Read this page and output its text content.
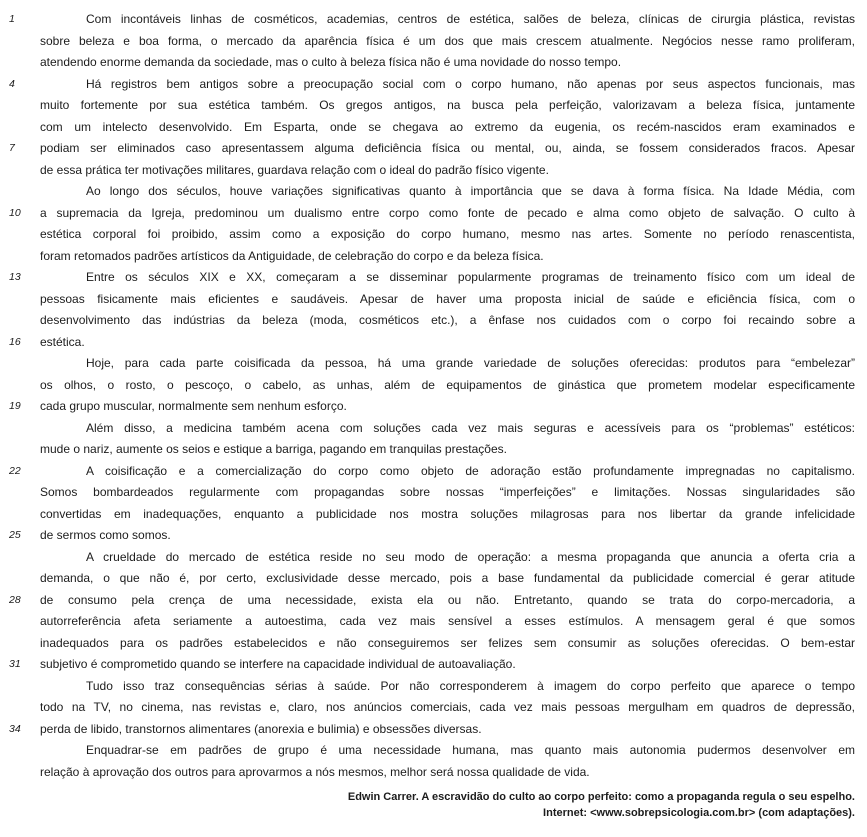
1	Com incontáveis linhas de cosméticos, academias, centros de estética, salões de beleza, clínicas de cirurgia plástica, revistas
sobre beleza e boa forma, o mercado da aparência física é um dos que mais crescem atualmente. Negócios nesse ramo proliferam,
atendendo enorme demanda da sociedade, mas o culto à beleza física não é uma novidade do nosso tempo.
4	Há registros bem antigos sobre a preocupação social com o corpo humano, não apenas por seus aspectos funcionais, mas
muito fortemente por sua estética também. Os gregos antigos, na busca pela perfeição, valorizavam a beleza física, juntamente
com um intelecto desenvolvido. Em Esparta, onde se chegava ao extremo da eugenia, os recém-nascidos eram examinados e
7	podiam ser eliminados caso apresentassem alguma deficiência física ou mental, ou, ainda, se fossem considerados fracos. Apesar
de essa prática ter motivações militares, guardava relação com o ideal do padrão físico vigente.
Ao longo dos séculos, houve variações significativas quanto à importância que se dava à forma física. Na Idade Média, com
10	a supremacia da Igreja, predominou um dualismo entre corpo como fonte de pecado e alma como objeto de salvação. O culto à
estética corporal foi proibido, assim como a exposição do corpo humano, mesmo nas artes. Somente no período renascentista,
foram retomados padrões artísticos da Antiguidade, de celebração do corpo e da beleza física.
13	Entre os séculos XIX e XX, começaram a se disseminar popularmente programas de treinamento físico com um ideal de
pessoas fisicamente mais eficientes e saudáveis. Apesar de haver uma proposta inicial de saúde e eficiência física, com o
desenvolvimento das indústrias da beleza (moda, cosméticos etc.), a ênfase nos cuidados com o corpo foi recaindo sobre a
16	estética.
Hoje, para cada parte coisificada da pessoa, há uma grande variedade de soluções oferecidas: produtos para “embelezar”
os olhos, o rosto, o pescoço, o cabelo, as unhas, além de equipamentos de ginástica que prometem modelar especificamente
19	cada grupo muscular, normalmente sem nenhum esforço.
Além disso, a medicina também acena com soluções cada vez mais seguras e acessíveis para os “problemas” estéticos:
mude o nariz, aumente os seios e estique a barriga, pagando em tranquilas prestações.
22	A coisificação e a comercialização do corpo como objeto de adoração estão profundamente impregnadas no capitalismo.
Somos bombardeados regularmente com propagandas sobre nossas “imperfeições” e limitações. Nossas singularidades são
convertidas em inadequações, enquanto a publicidade nos mostra soluções milagrosas para nos libertar da grande infelicidade
25	de sermos como somos.
A crueldade do mercado de estética reside no seu modo de operação: a mesma propaganda que anuncia a oferta cria a
demanda, o que não é, por certo, exclusividade desse mercado, pois a base fundamental da publicidade comercial é gerar atitude
28	de consumo pela crença de uma necessidade, exista ela ou não. Entretanto, quando se trata do corpo-mercadoria, a
autorreferência afeta seriamente a autoestima, cada vez mais sensível a esses estímulos. A mensagem geral é que somos
inadequados para os padrões estabelecidos e não conseguiremos ser felizes sem consumir as soluções oferecidas. O bem-estar
31	subjetivo é comprometido quando se interfere na capacidade individual de autoavaliação.
Tudo isso traz consequências sérias à saúde. Por não corresponderem à imagem do corpo perfeito que aparece o tempo
todo na TV, no cinema, nas revistas e, claro, nos anúncios comerciais, cada vez mais pessoas mergulham em quadros de depressão,
34	perda de libido, transtornos alimentares (anorexia e bulimia) e obsessões diversas.
Enquadrar-se em padrões de grupo é uma necessidade humana, mas quanto mais autonomia pudermos desenvolver em
relação à aprovação dos outros para aprovarmos a nós mesmos, melhor será nossa qualidade de vida.
Edwin Carrer. A escravidão do culto ao corpo perfeito: como a propaganda regula o seu espelho.
Internet: <www.sobrepsicologia.com.br> (com adaptações).
